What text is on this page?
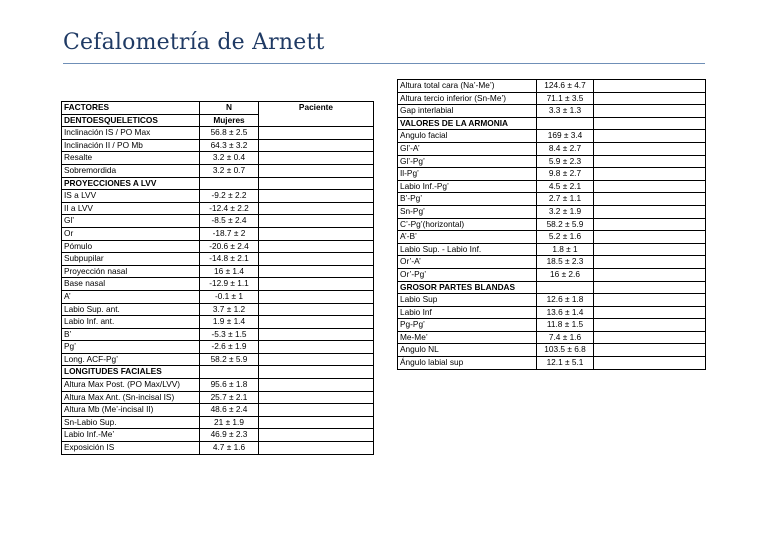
Cefalometría de Arnett
FACTORES	N	Paciente
DENTOESQUELETICOS	Mujeres	
Inclinación IS / PO Max	56.8 ± 2.5	
Inclinación II / PO Mb	64.3 ± 3.2	
Resalte	3.2 ± 0.4	
Sobremordida	3.2 ± 0.7	
PROYECCIONES A LVV		
IS a LVV	-9.2 ± 2.2	
II a LVV	-12.4 ± 2.2	
Gl’	-8.5 ± 2.4	
Or	-18.7 ± 2	
Pómulo	-20.6 ± 2.4	
Subpupilar	-14.8 ± 2.1	
Proyección nasal	16 ± 1.4	
Base nasal	-12.9 ± 1.1	
A’	-0.1 ± 1	
Labio Sup. ant.	3.7 ± 1.2	
Labio Inf. ant.	1.9 ± 1.4	
B’	-5.3 ± 1.5	
Pg’	-2.6 ± 1.9	
Long. ACF-Pg’	58.2 ± 5.9	
LONGITUDES FACIALES		
Altura Max Post. (PO Max/LVV)	95.6 ± 1.8	
Altura Max Ant. (Sn-incisal IS)	25.7 ± 2.1	
Altura Mb (Me’-incisal II)	48.6 ± 2.4	
Sn-Labio Sup.	21 ± 1.9	
Labio Inf.-Me’	46.9 ± 2.3	
Exposición IS	4.7 ± 1.6	
Altura total cara (Na’-Me’)	124.6 ± 4.7	
Altura tercio inferior (Sn-Me’)	71.1 ± 3.5	
Gap interlabial	3.3 ± 1.3	
VALORES DE LA ARMONIA		
Angulo facial	169 ± 3.4	
Gl’-A’	8.4 ± 2.7	
Gl’-Pg’	5.9 ± 2.3	
Il-Pg’	9.8 ± 2.7	
Labio Inf.-Pg’	4.5 ± 2.1	
B’-Pg’	2.7 ± 1.1	
Sn-Pg’	3.2 ± 1.9	
C’-Pg’(horizontal)	58.2 ± 5.9	
A’-B’	5.2 ± 1.6	
Labio Sup. - Labio Inf.	1.8 ± 1	
Or’-A’	18.5 ± 2.3	
Or’-Pg’	16 ± 2.6	
GROSOR PARTES BLANDAS		
Labio Sup	12.6 ± 1.8	
Labio Inf	13.6 ± 1.4	
Pg-Pg’	11.8 ± 1.5	
Me-Me’	7.4 ± 1.6	
Angulo NL	103.5 ± 6.8	
Ángulo labial sup	12.1 ± 5.1	
